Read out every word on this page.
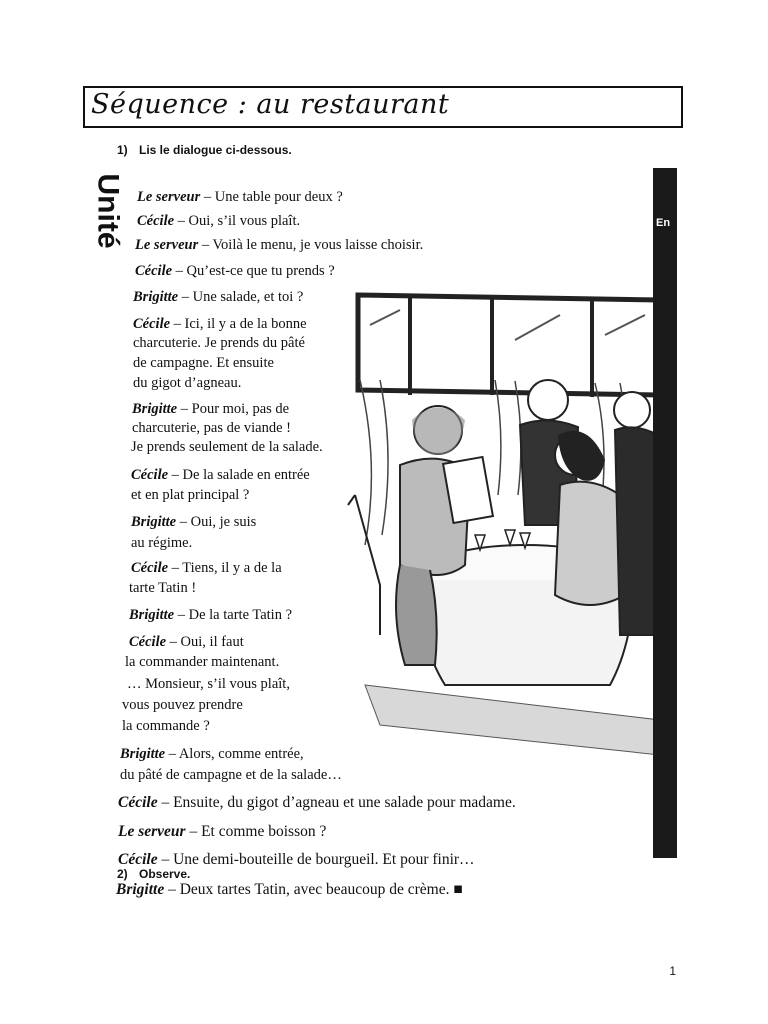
Séquence : au restaurant
1) Lis le dialogue ci-dessous.
Unité	En
Le serveur – Une table pour deux ?
Cécile – Oui, s’il vous plaît.
Le serveur – Voilà le menu, je vous laisse choisir.
Cécile – Qu’est-ce que tu prends ?
Brigitte – Une salade, et toi ?
Cécile – Ici, il y a de la bonne
charcuterie. Je prends du pâté
de campagne. Et ensuite
du gigot d’agneau.
Brigitte – Pour moi, pas de
charcuterie, pas de viande !
Je prends seulement de la salade.
Cécile – De la salade en entrée
et en plat principal ?
Brigitte – Oui, je suis
au régime.
Cécile – Tiens, il y a de la
tarte Tatin !
Brigitte – De la tarte Tatin ?
Cécile – Oui, il faut
la commander maintenant.
… Monsieur, s’il vous plaît,
vous pouvez prendre
la commande ?
Brigitte – Alors, comme entrée,
du pâté de campagne et de la salade…
Cécile – Ensuite, du gigot d’agneau et une salade pour madame.
Le serveur – Et comme boisson ?
Cécile – Une demi-bouteille de bourgueil. Et pour finir…
2) Observe.
Brigitte – Deux tartes Tatin, avec beaucoup de crème. ■
1
